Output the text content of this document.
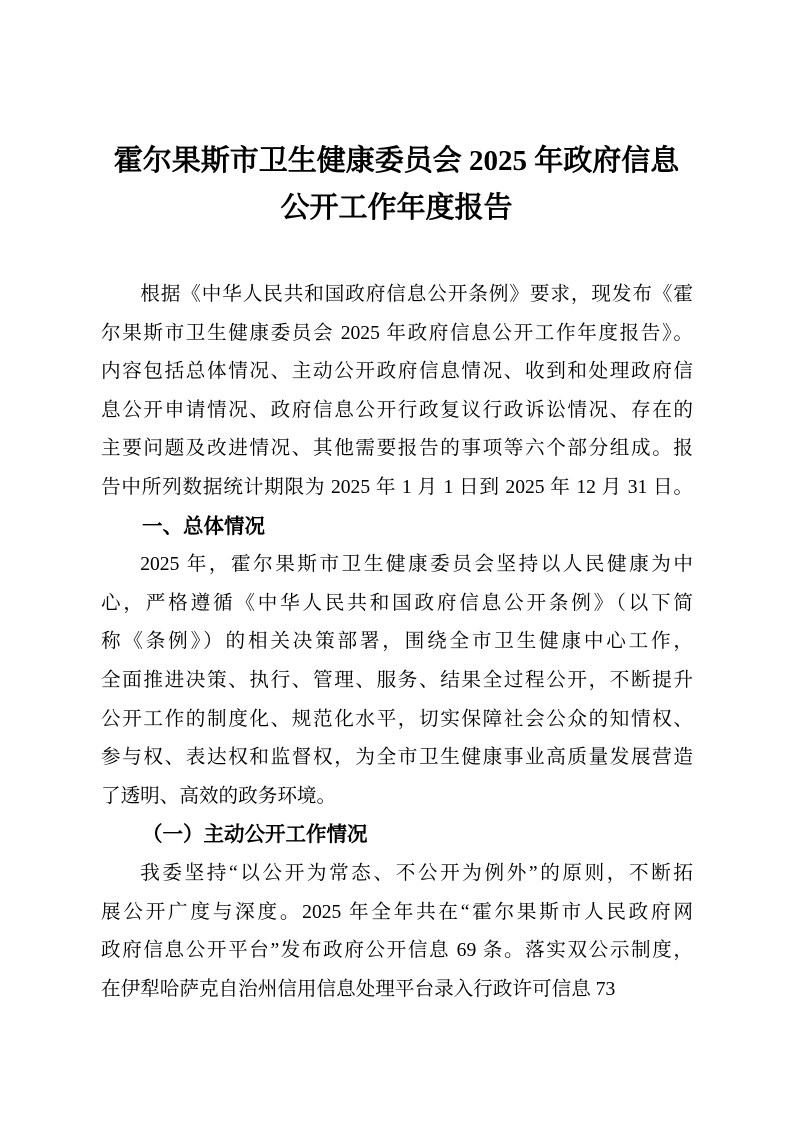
霍尔果斯市卫生健康委员会 2025 年政府信息
公开工作年度报告
根据《中华人民共和国政府信息公开条例》要求，现发布《霍
尔果斯市卫生健康委员会 2025 年政府信息公开工作年度报告》。
内容包括总体情况、主动公开政府信息情况、收到和处理政府信
息公开申请情况、政府信息公开行政复议行政诉讼情况、存在的
主要问题及改进情况、其他需要报告的事项等六个部分组成。报
告中所列数据统计期限为 2025 年 1 月 1 日到 2025 年 12 月 31 日。
一、总体情况
2025 年，霍尔果斯市卫生健康委员会坚持以人民健康为中
心，严格遵循《中华人民共和国政府信息公开条例》（以下简
称《条例》）的相关决策部署，围绕全市卫生健康中心工作，
全面推进决策、执行、管理、服务、结果全过程公开，不断提升
公开工作的制度化、规范化水平，切实保障社会公众的知情权、
参与权、表达权和监督权，为全市卫生健康事业高质量发展营造
了透明、高效的政务环境。
（一）主动公开工作情况
我委坚持“以公开为常态、不公开为例外”的原则，不断拓
展公开广度与深度。2025 年全年共在“霍尔果斯市人民政府网
政府信息公开平台”发布政府公开信息 69 条。落实双公示制度，
在伊犁哈萨克自治州信用信息处理平台录入行政许可信息 73
